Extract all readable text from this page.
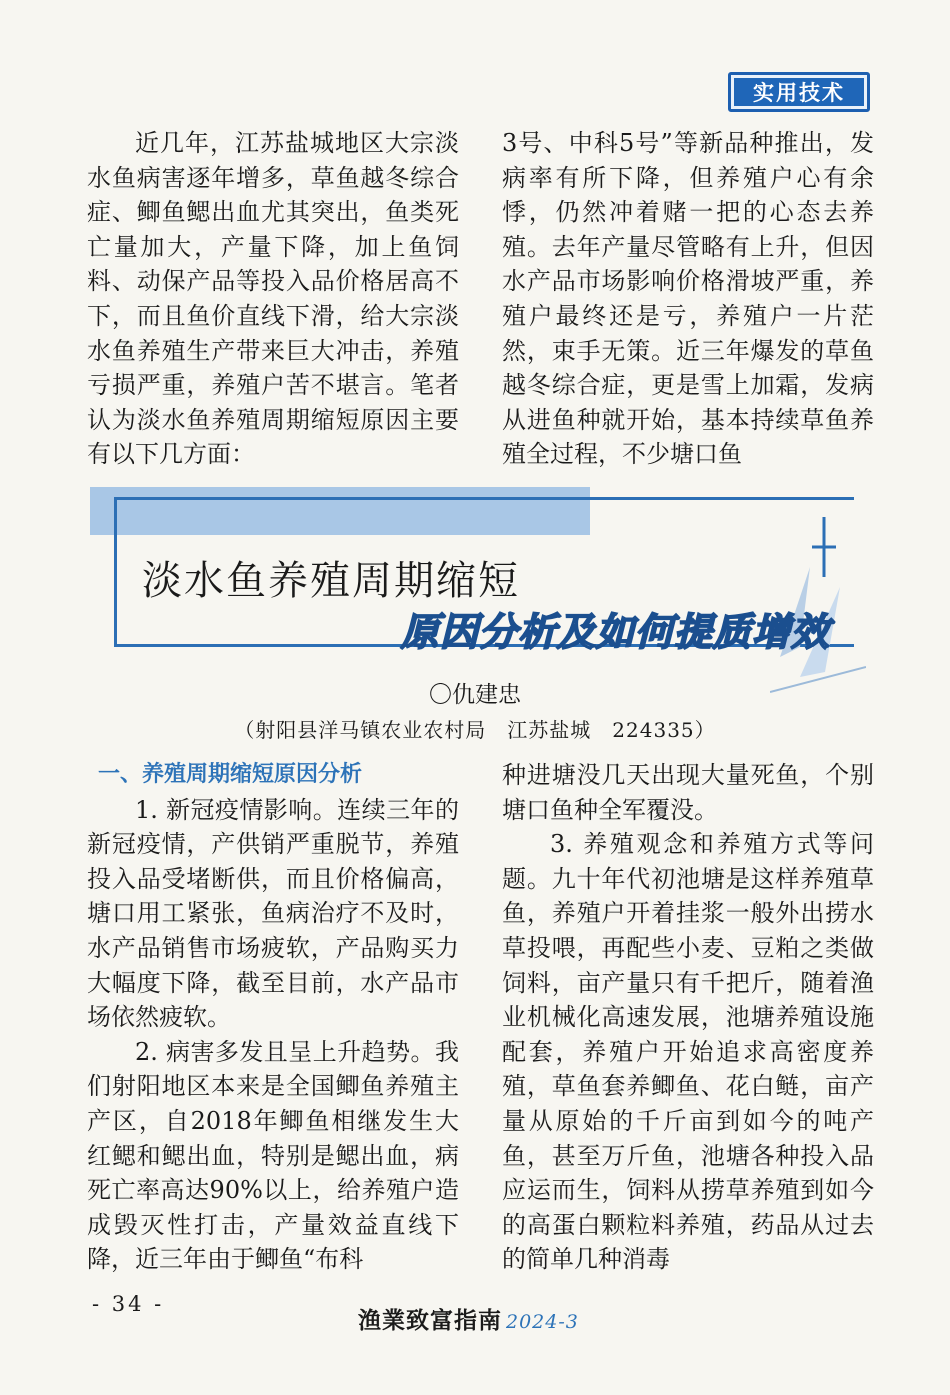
实用技术

近几年，江苏盐城地区大宗淡水鱼病害逐年增多，草鱼越冬综合症、鲫鱼鳃出血尤其突出，鱼类死亡量加大，产量下降，加上鱼饲料、动保产品等投入品价格居高不下，而且鱼价直线下滑，给大宗淡水鱼养殖生产带来巨大冲击，养殖亏损严重，养殖户苦不堪言。笔者认为淡水鱼养殖周期缩短原因主要有以下几方面：

3号、中科5号”等新品种推出，发病率有所下降，但养殖户心有余悸，仍然冲着赌一把的心态去养殖。去年产量尽管略有上升，但因水产品市场影响价格滑坡严重，养殖户最终还是亏，养殖户一片茫然，束手无策。近三年爆发的草鱼越冬综合症，更是雪上加霜，发病从进鱼种就开始，基本持续草鱼养殖全过程，不少塘口鱼

淡水鱼养殖周期缩短
原因分析及如何提质增效
〇仇建忠
（射阳县洋马镇农业农村局　江苏盐城　224335）

一、养殖周期缩短原因分析

1. 新冠疫情影响。连续三年的新冠疫情，产供销严重脱节，养殖投入品受堵断供，而且价格偏高，塘口用工紧张，鱼病治疗不及时，水产品销售市场疲软，产品购买力大幅度下降，截至目前，水产品市场依然疲软。

2. 病害多发且呈上升趋势。我们射阳地区本来是全国鲫鱼养殖主产区，自2018年鲫鱼相继发生大红鳃和鳃出血，特别是鳃出血，病死亡率高达90%以上，给养殖户造成毁灭性打击，产量效益直线下降，近三年由于鲫鱼“布科

种进塘没几天出现大量死鱼，个别塘口鱼种全军覆没。

3. 养殖观念和养殖方式等问题。九十年代初池塘是这样养殖草鱼，养殖户开着挂浆一般外出捞水草投喂，再配些小麦、豆粕之类做饲料，亩产量只有千把斤，随着渔业机械化高速发展，池塘养殖设施配套，养殖户开始追求高密度养殖，草鱼套养鲫鱼、花白鲢，亩产量从原始的千斤亩到如今的吨产鱼，甚至万斤鱼，池塘各种投入品应运而生，饲料从捞草养殖到如今的高蛋白颗粒料养殖，药品从过去的简单几种消毒

- 34 -
渔業致富指南 2024-3
